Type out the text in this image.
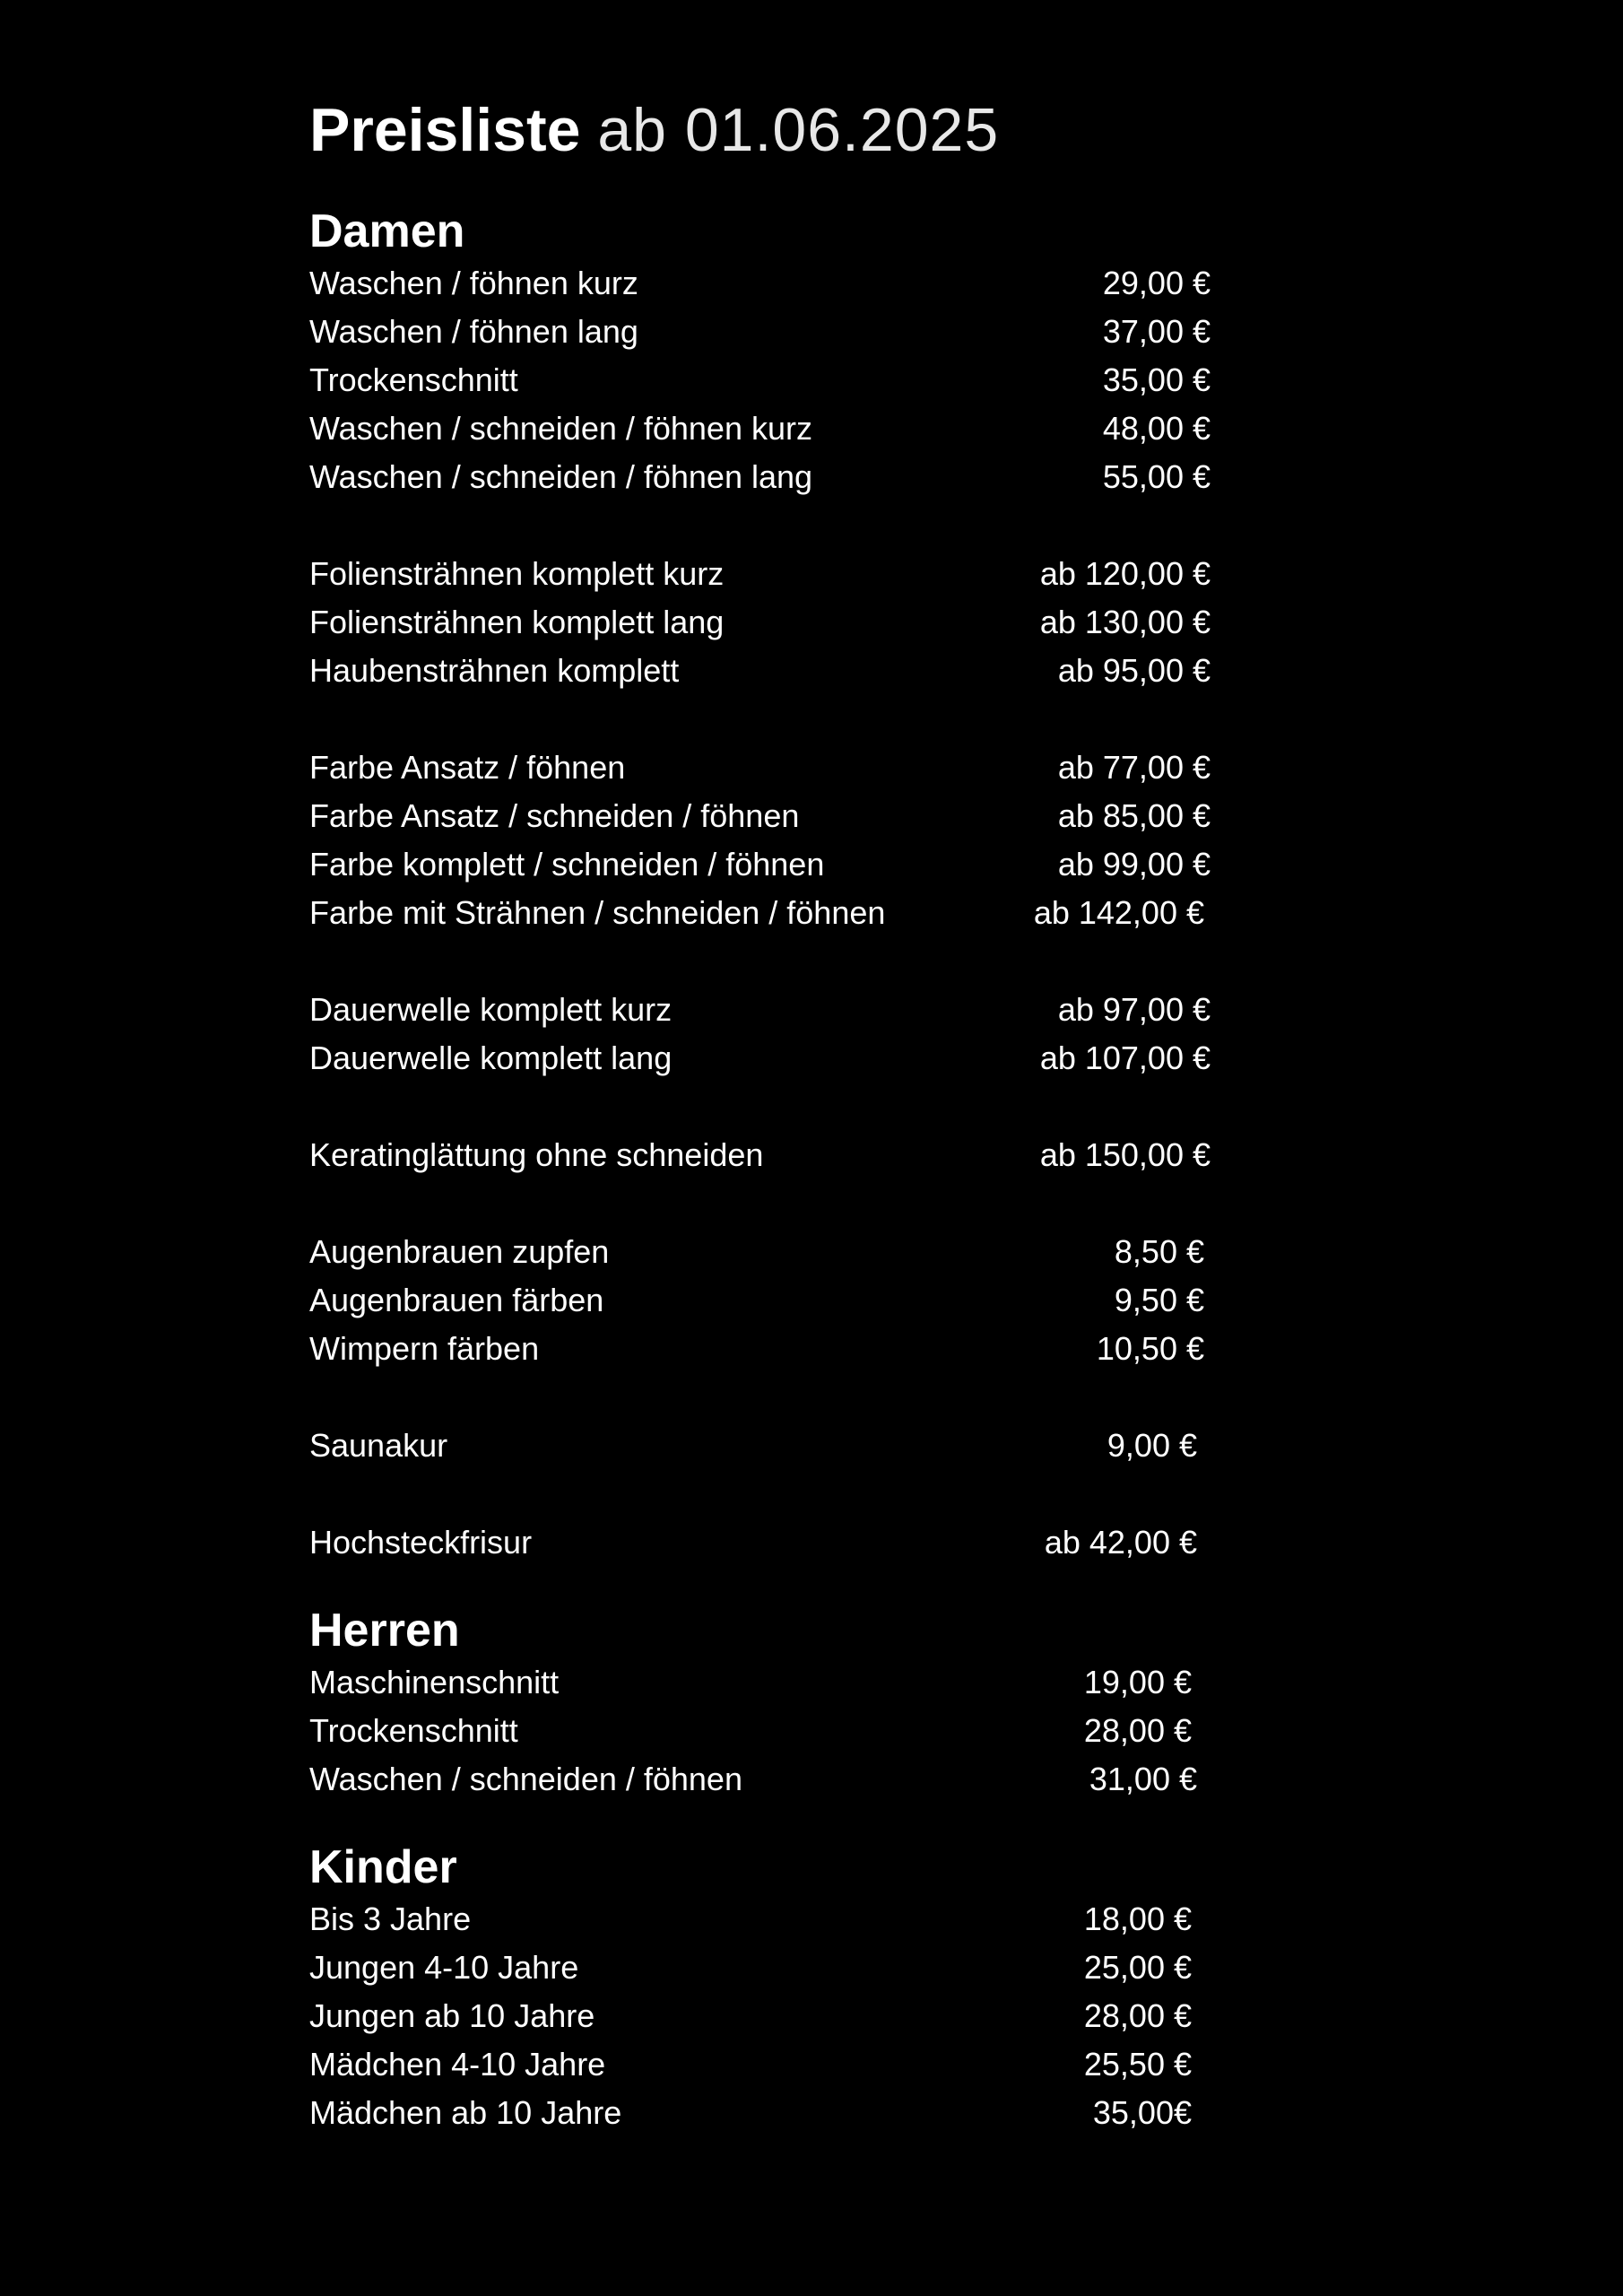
Preisliste ab 01.06.2025
Damen
Waschen / föhnen kurz	29,00 €
Waschen / föhnen lang	37,00 €
Trockenschnitt	35,00 €
Waschen / schneiden / föhnen kurz	48,00 €
Waschen / schneiden / föhnen lang	55,00 €
Foliensträhnen komplett kurz	ab 120,00 €
Foliensträhnen komplett lang	ab 130,00 €
Haubensträhnen komplett	ab 95,00 €
Farbe Ansatz / föhnen	ab 77,00 €
Farbe Ansatz / schneiden / föhnen	ab 85,00 €
Farbe komplett / schneiden / föhnen	ab 99,00 €
Farbe mit Strähnen / schneiden / föhnen	ab 142,00 €
Dauerwelle komplett kurz	ab 97,00 €
Dauerwelle komplett lang	ab 107,00 €
Keratinglättung ohne schneiden	ab 150,00 €
Augenbrauen zupfen	8,50 €
Augenbrauen färben	9,50 €
Wimpern färben	10,50 €
Saunakur	9,00 €
Hochsteckfrisur	ab 42,00 €
Herren
Maschinenschnitt	19,00 €
Trockenschnitt	28,00 €
Waschen / schneiden / föhnen	31,00 €
Kinder
Bis 3 Jahre	18,00 €
Jungen 4-10 Jahre	25,00 €
Jungen ab 10 Jahre	28,00 €
Mädchen 4-10 Jahre	25,50 €
Mädchen ab 10 Jahre	35,00€
